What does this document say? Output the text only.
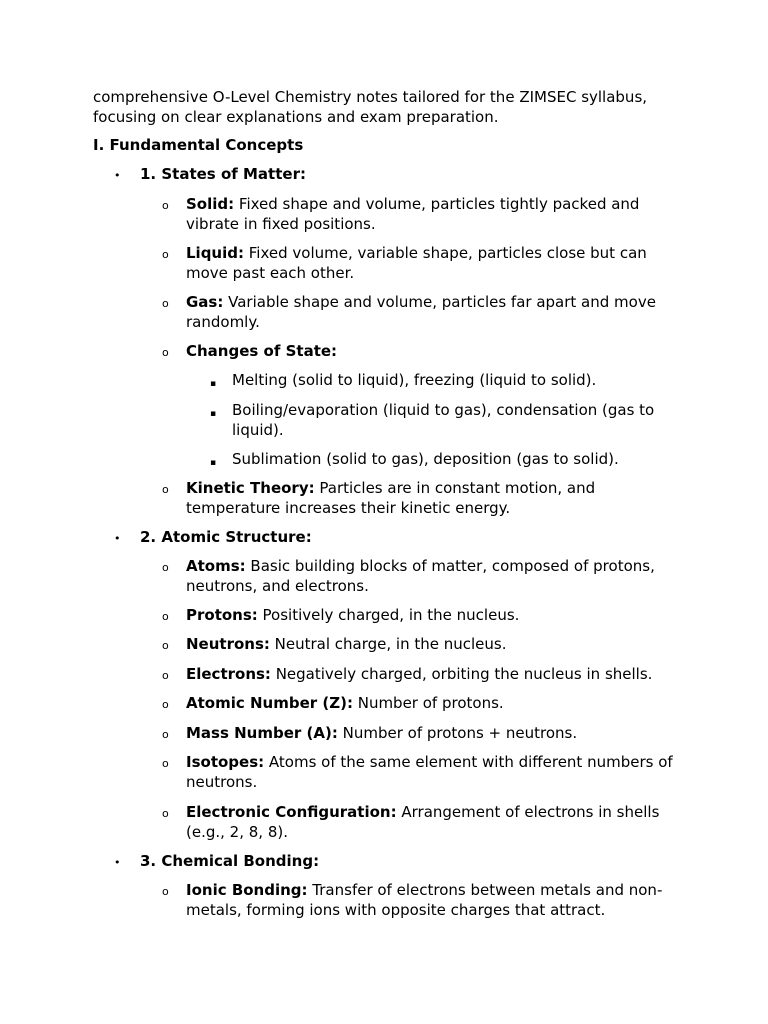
comprehensive O-Level Chemistry notes tailored for the ZIMSEC syllabus, focusing on clear explanations and exam preparation.
I. Fundamental Concepts
• 1. States of Matter:
o Solid: Fixed shape and volume, particles tightly packed and vibrate in fixed positions.
o Liquid: Fixed volume, variable shape, particles close but can move past each other.
o Gas: Variable shape and volume, particles far apart and move randomly.
o Changes of State:
▪ Melting (solid to liquid), freezing (liquid to solid).
▪ Boiling/evaporation (liquid to gas), condensation (gas to liquid).
▪ Sublimation (solid to gas), deposition (gas to solid).
o Kinetic Theory: Particles are in constant motion, and temperature increases their kinetic energy.
• 2. Atomic Structure:
o Atoms: Basic building blocks of matter, composed of protons, neutrons, and electrons.
o Protons: Positively charged, in the nucleus.
o Neutrons: Neutral charge, in the nucleus.
o Electrons: Negatively charged, orbiting the nucleus in shells.
o Atomic Number (Z): Number of protons.
o Mass Number (A): Number of protons + neutrons.
o Isotopes: Atoms of the same element with different numbers of neutrons.
o Electronic Configuration: Arrangement of electrons in shells (e.g., 2, 8, 8).
• 3. Chemical Bonding:
o Ionic Bonding: Transfer of electrons between metals and non-metals, forming ions with opposite charges that attract.
